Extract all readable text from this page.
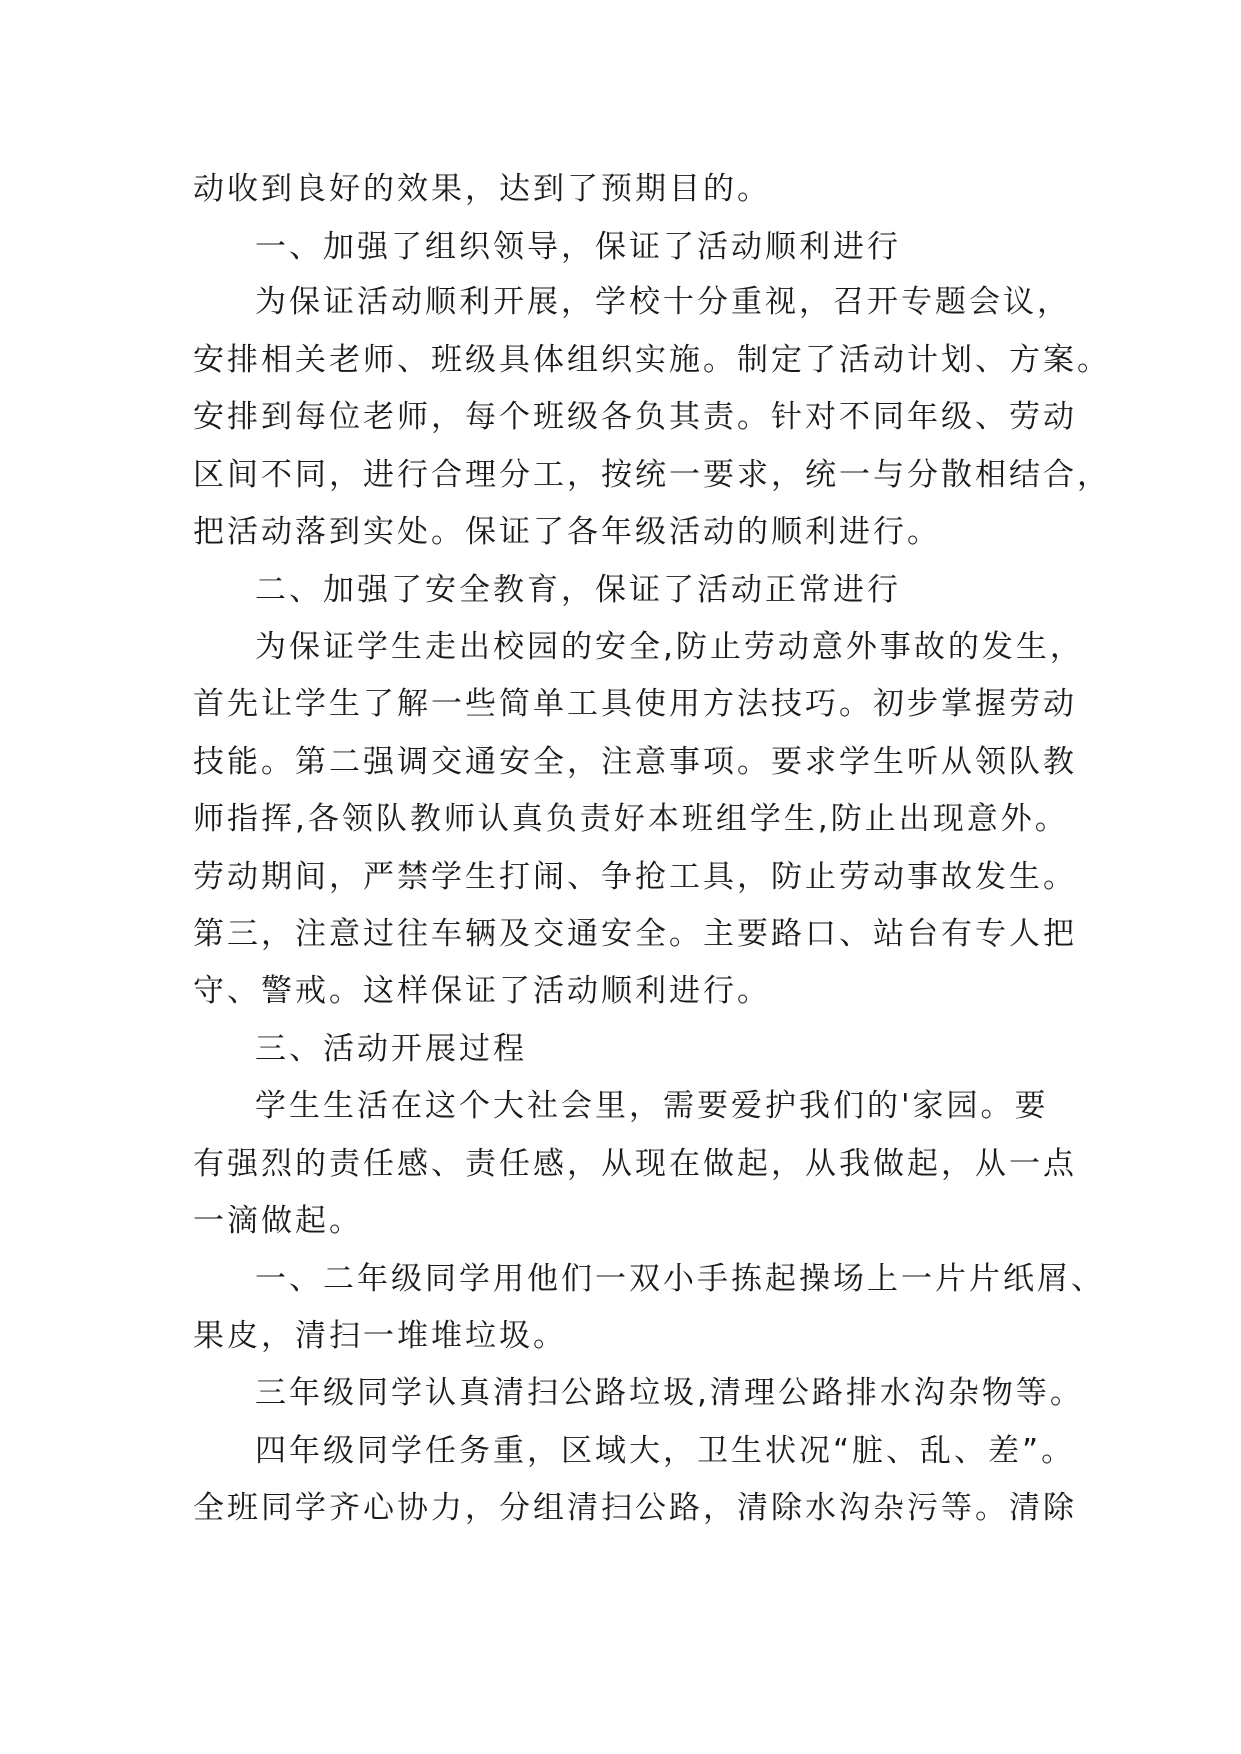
动收到良好的效果，达到了预期目的。
一、加强了组织领导，保证了活动顺利进行
为保证活动顺利开展，学校十分重视，召开专题会议，
安排相关老师、班级具体组织实施。制定了活动计划、方案。
安排到每位老师，每个班级各负其责。针对不同年级、劳动
区间不同，进行合理分工，按统一要求，统一与分散相结合，
把活动落到实处。保证了各年级活动的顺利进行。
二、加强了安全教育，保证了活动正常进行
为保证学生走出校园的安全,防止劳动意外事故的发生，
首先让学生了解一些简单工具使用方法技巧。初步掌握劳动
技能。第二强调交通安全，注意事项。要求学生听从领队教
师指挥,各领队教师认真负责好本班组学生,防止出现意外。
劳动期间，严禁学生打闹、争抢工具，防止劳动事故发生。
第三，注意过往车辆及交通安全。主要路口、站台有专人把
守、警戒。这样保证了活动顺利进行。
三、活动开展过程
学生生活在这个大社会里，需要爱护我们的'家园。要
有强烈的责任感、责任感，从现在做起，从我做起，从一点
一滴做起。
一、二年级同学用他们一双小手拣起操场上一片片纸屑、
果皮，清扫一堆堆垃圾。
三年级同学认真清扫公路垃圾,清理公路排水沟杂物等。
四年级同学任务重，区域大，卫生状况“脏、乱、差”。
全班同学齐心协力，分组清扫公路，清除水沟杂污等。清除
